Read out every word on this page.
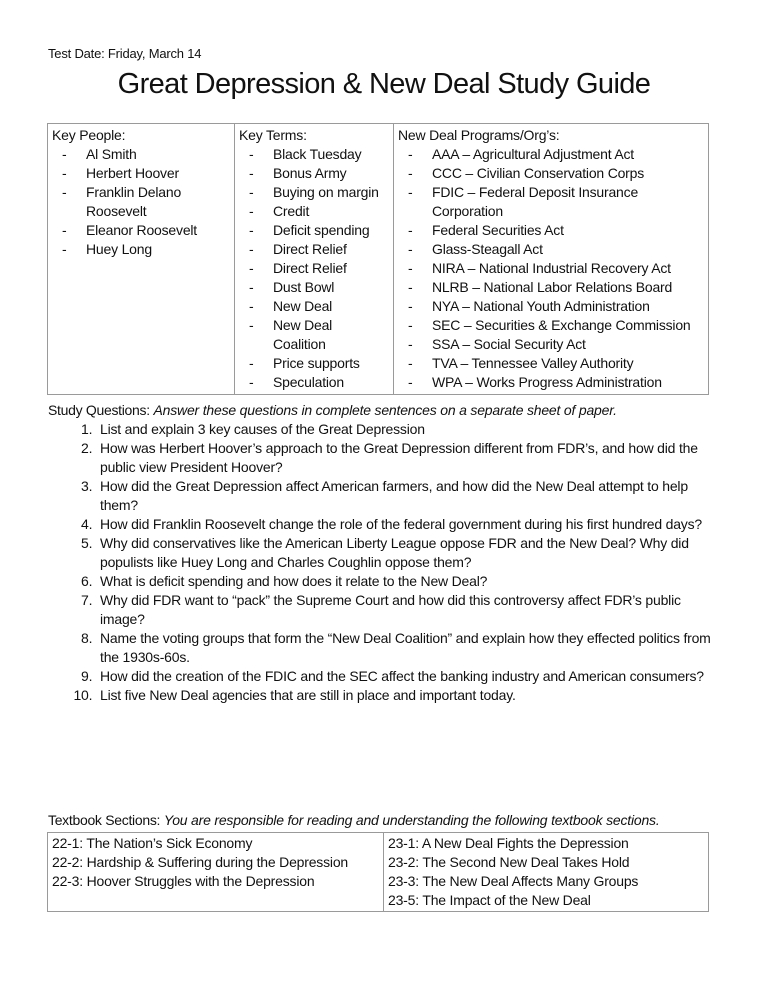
Test Date: Friday, March 14
Great Depression & New Deal Study Guide
Key People:
- Al Smith
- Herbert Hoover
- Franklin Delano Roosevelt
- Eleanor Roosevelt
- Huey Long

Key Terms:
- Black Tuesday
- Bonus Army
- Buying on margin
- Credit
- Deficit spending
- Direct Relief
- Direct Relief
- Dust Bowl
- New Deal
- New Deal Coalition
- Price supports
- Speculation

New Deal Programs/Org’s:
- AAA – Agricultural Adjustment Act
- CCC – Civilian Conservation Corps
- FDIC – Federal Deposit Insurance Corporation
- Federal Securities Act
- Glass-Steagall Act
- NIRA – National Industrial Recovery Act
- NLRB – National Labor Relations Board
- NYA – National Youth Administration
- SEC – Securities & Exchange Commission
- SSA – Social Security Act
- TVA – Tennessee Valley Authority
- WPA – Works Progress Administration
Study Questions: Answer these questions in complete sentences on a separate sheet of paper.
1. List and explain 3 key causes of the Great Depression
2. How was Herbert Hoover’s approach to the Great Depression different from FDR’s, and how did the public view President Hoover?
3. How did the Great Depression affect American farmers, and how did the New Deal attempt to help them?
4. How did Franklin Roosevelt change the role of the federal government during his first hundred days?
5. Why did conservatives like the American Liberty League oppose FDR and the New Deal? Why did populists like Huey Long and Charles Coughlin oppose them?
6. What is deficit spending and how does it relate to the New Deal?
7. Why did FDR want to “pack” the Supreme Court and how did this controversy affect FDR’s public image?
8. Name the voting groups that form the “New Deal Coalition” and explain how they effected politics from the 1930s-60s.
9. How did the creation of the FDIC and the SEC affect the banking industry and American consumers?
10. List five New Deal agencies that are still in place and important today.
Textbook Sections: You are responsible for reading and understanding the following textbook sections.
22-1: The Nation’s Sick Economy
22-2: Hardship & Suffering during the Depression
22-3: Hoover Struggles with the Depression

23-1: A New Deal Fights the Depression
23-2: The Second New Deal Takes Hold
23-3: The New Deal Affects Many Groups
23-5: The Impact of the New Deal
